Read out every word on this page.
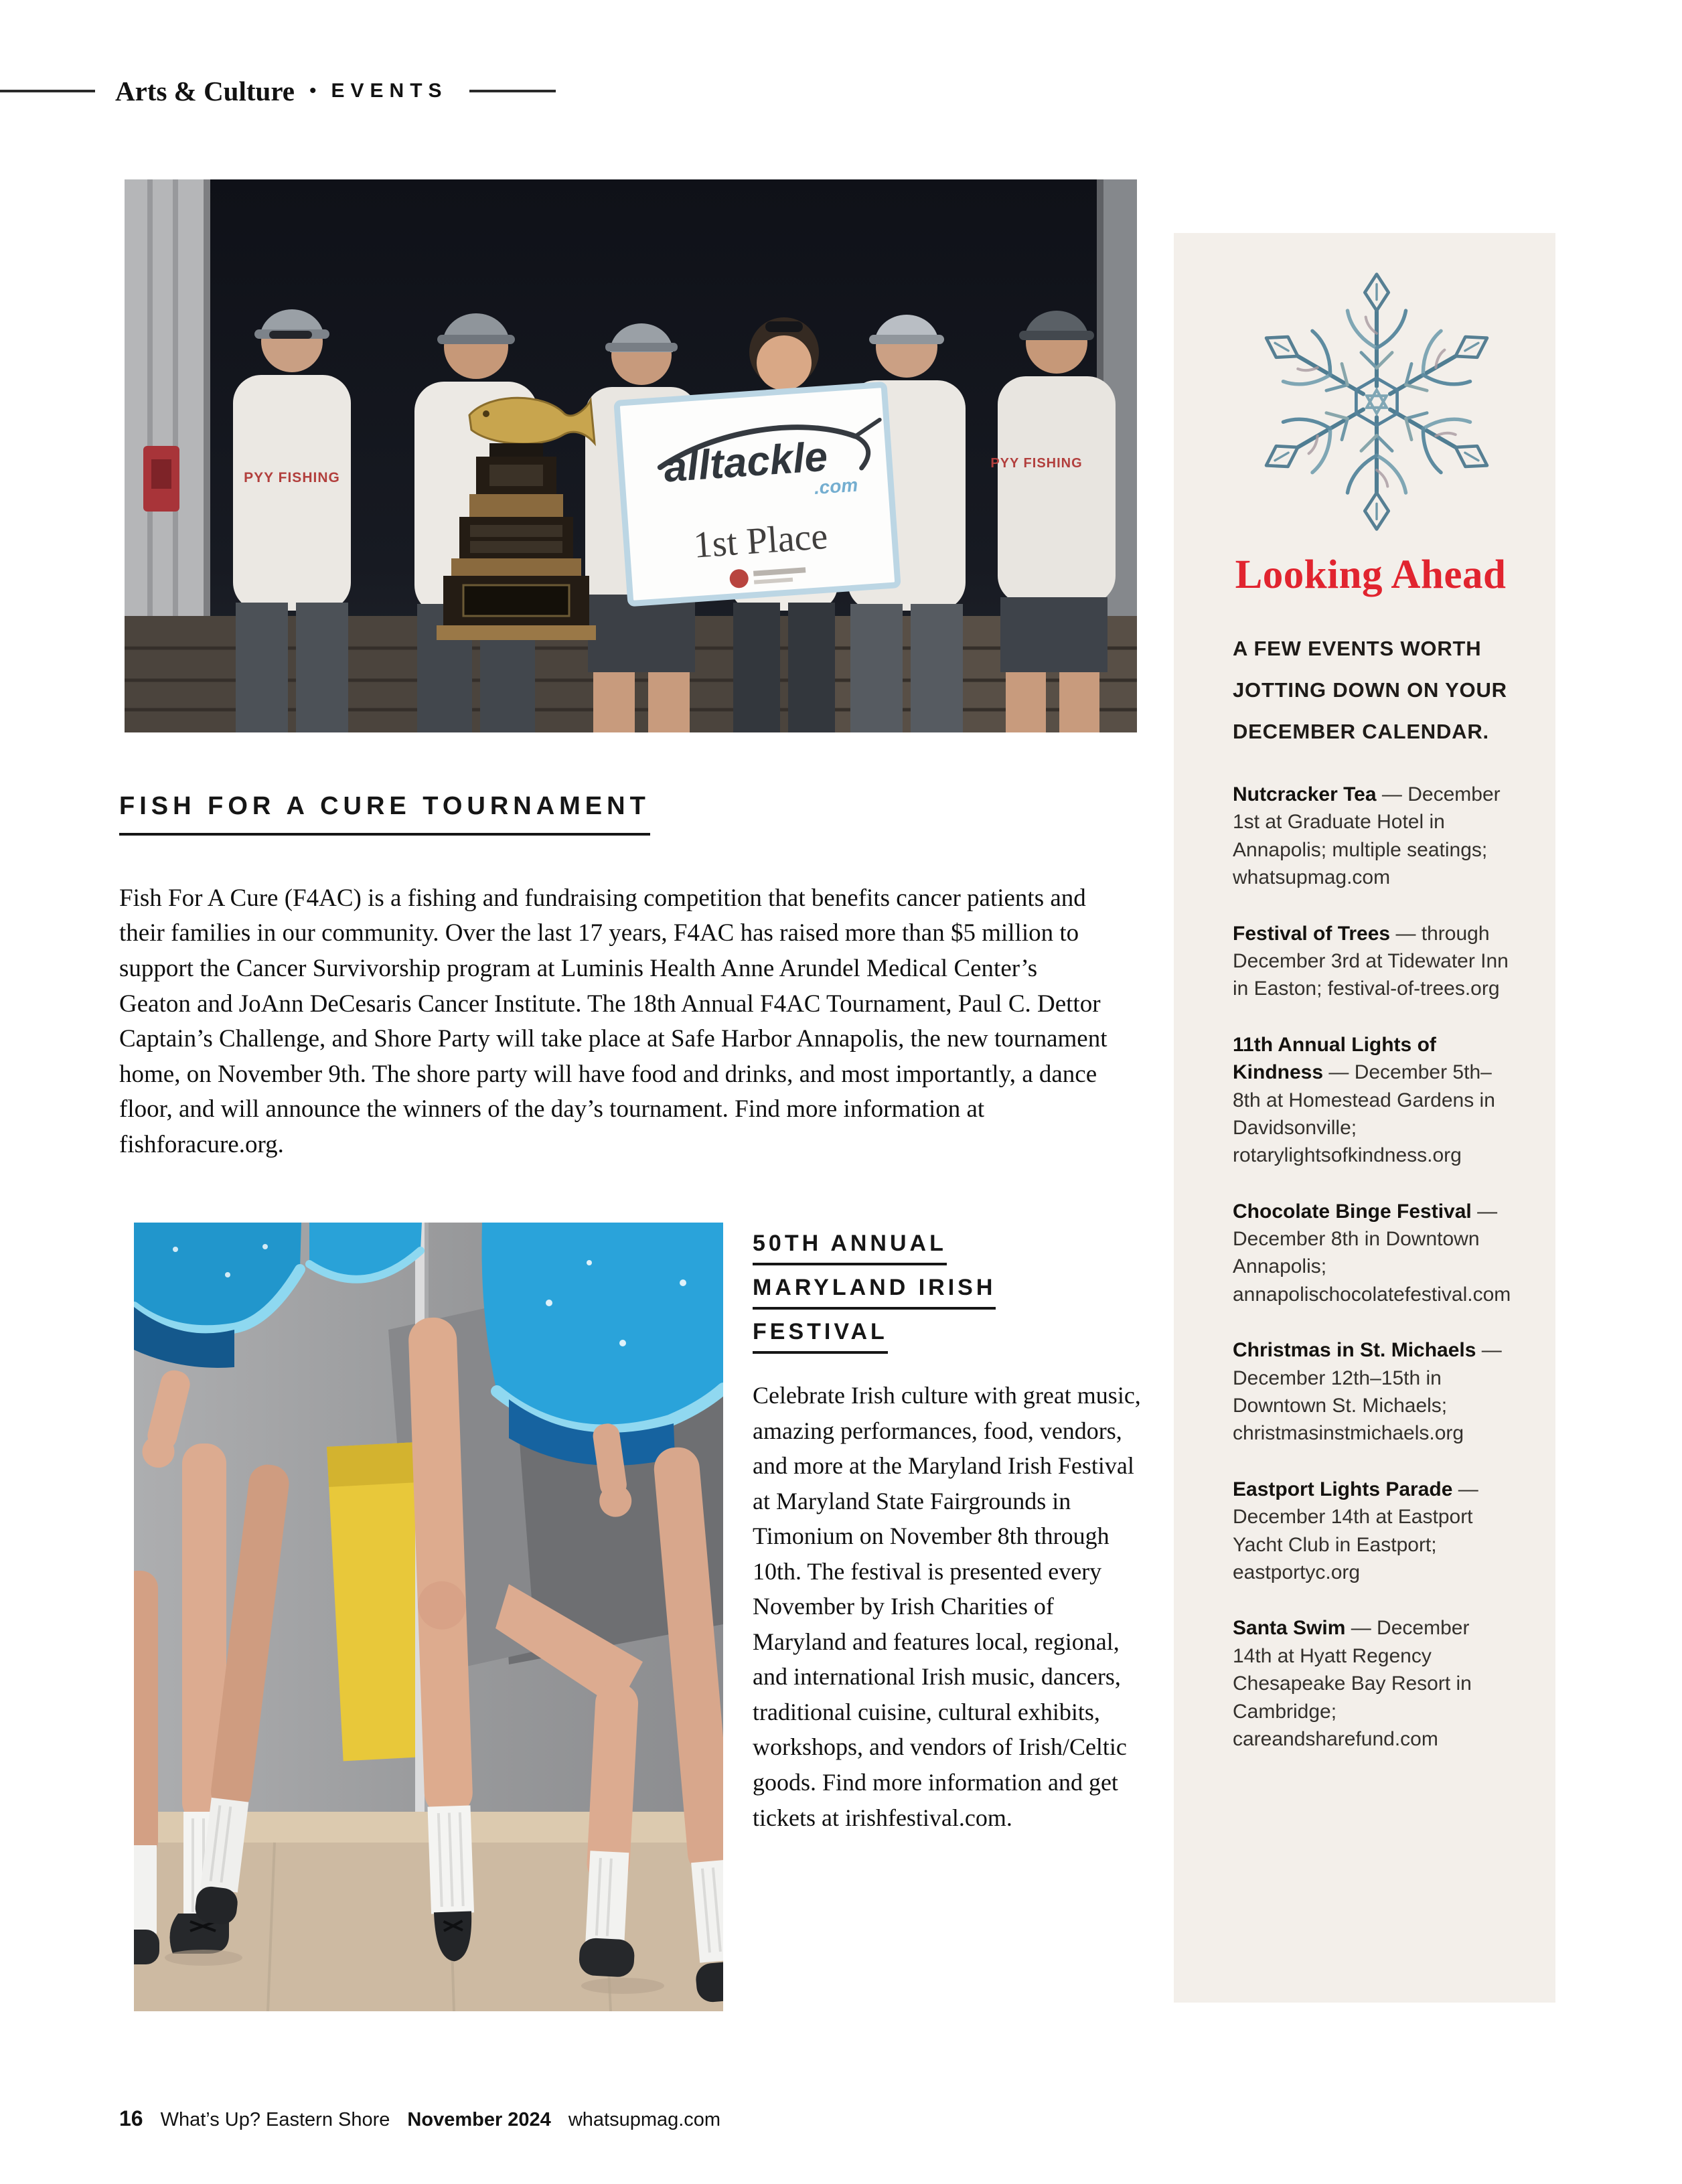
Arts & Culture • EVENTS
PYY FISHING
PYY FISHING
alltackle
.com
1st Place
FISH FOR A CURE TOURNAMENT

Fish For A Cure (F4AC) is a fishing and fundraising competition that benefits cancer patients and their families in our community. Over the last 17 years, F4AC has raised more than $5 million to support the Cancer Survivorship program at Luminis Health Anne Arundel Medical Center’s Geaton and JoAnn DeCesaris Cancer Institute. The 18th Annual F4AC Tournament, Paul C. Dettor Captain’s Challenge, and Shore Party will take place at Safe Harbor Annapolis, the new tournament home, on November 9th. The shore party will have food and drinks, and most importantly, a dance floor, and will announce the winners of the day’s tournament. Find more information at fishforacure.org.

50TH ANNUAL
MARYLAND IRISH
FESTIVAL

Celebrate Irish culture with great music, amazing performances, food, vendors, and more at the Maryland Irish Festival at Maryland State Fairgrounds in Timonium on November 8th through 10th. The festival is presented every November by Irish Charities of Maryland and features local, regional, and international Irish music, dancers, traditional cuisine, cultural exhibits, workshops, and vendors of Irish/Celtic goods. Find more information and get tickets at irishfestival.com.

Looking Ahead

A FEW EVENTS WORTH JOTTING DOWN ON YOUR DECEMBER CALENDAR.

Nutcracker Tea — December 1st at Graduate Hotel in Annapolis; multiple seatings; whatsupmag.com

Festival of Trees — through December 3rd at Tidewater Inn in Easton; festival-of-trees.org

11th Annual Lights of Kindness — December 5th–8th at Homestead Gardens in Davidsonville; rotarylightsofkindness.org

Chocolate Binge Festival — December 8th in Downtown Annapolis; annapolischocolatefestival.com

Christmas in St. Michaels — December 12th–15th in Downtown St. Michaels; christmasinstmichaels.org

Eastport Lights Parade — December 14th at Eastport Yacht Club in Eastport; eastportyc.org

Santa Swim — December 14th at Hyatt Regency Chesapeake Bay Resort in Cambridge; careandsharefund.com

16 What’s Up? Eastern Shore November 2024 whatsupmag.com
